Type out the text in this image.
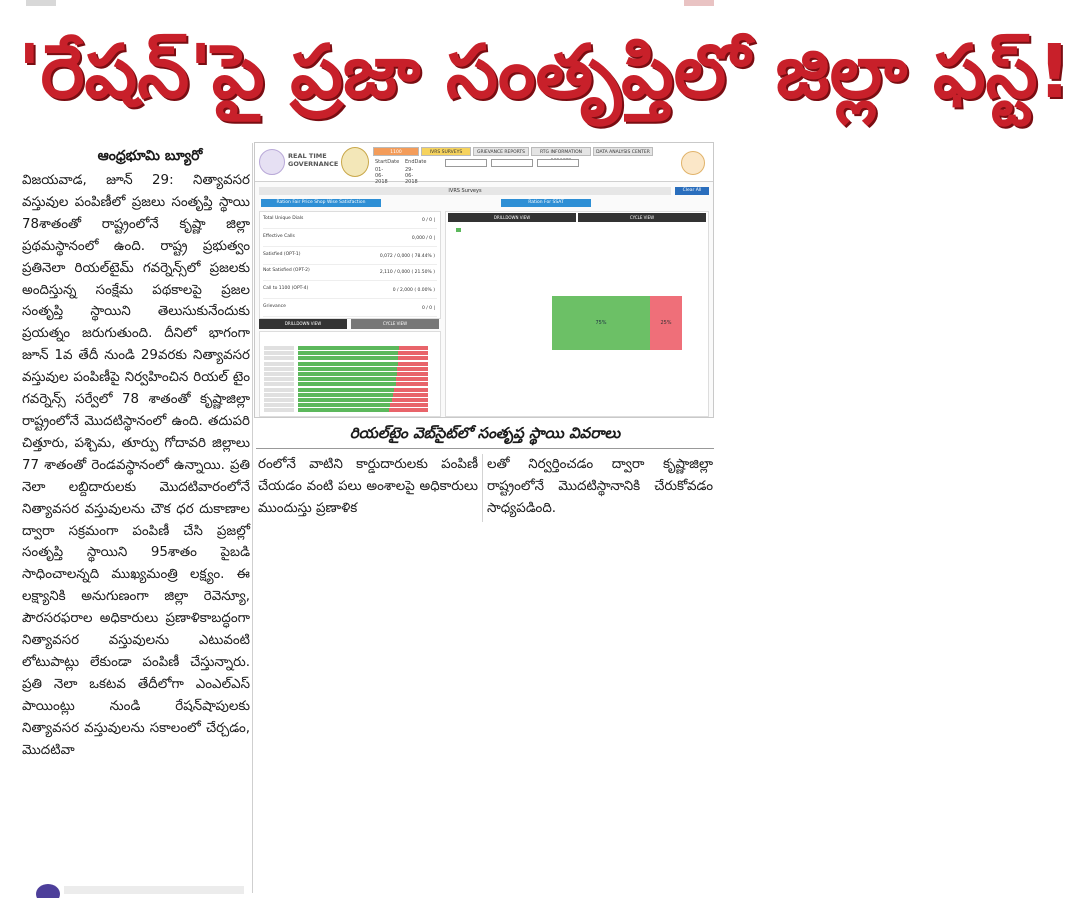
'రేషన్'పై ప్రజా సంతృప్తిలో జిల్లా ఫస్ట్!
ఆంధ్రభూమి బ్యూరో

విజయవాడ, జూన్ 29: నిత్యావసర వస్తువుల పంపిణీలో ప్రజలు సంతృప్తి స్థాయి 78శాతంతో రాష్ట్రంలోనే కృష్ణా జిల్లా ప్రథమస్థానంలో ఉంది. రాష్ట్ర ప్రభుత్వం ప్రతినెలా రియల్‌టైమ్ గవర్నెన్స్‌లో ప్రజలకు అందిస్తున్న సంక్షేమ పథకాలపై ప్రజల సంతృప్తి స్థాయిని తెలుసుకునేందుకు ప్రయత్నం జరుగుతుంది. దీనిలో భాగంగా జూన్ 1వ తేదీ నుండి 29వరకు నిత్యావసర వస్తువుల పంపిణీపై నిర్వహించిన రియల్ టైం గవర్నెన్స్ సర్వేలో 78 శాతంతో కృష్ణాజిల్లా రాష్ట్రంలోనే మొదటిస్థానంలో ఉంది. తదుపరి చిత్తూరు, పశ్చిమ, తూర్పు గోదావరి జిల్లాలు 77 శాతంతో రెండవస్థానంలో ఉన్నాయి. ప్రతి నెలా లబ్దిదారులకు మొదటివారంలోనే నిత్యావసర వస్తువులను చౌక ధర దుకాణాల ద్వారా సక్రమంగా పంపిణీ చేసి ప్రజల్లో సంతృప్తి స్థాయిని 95శాతం పైబడి సాధించాలన్నది ముఖ్యమంత్రి లక్ష్యం. ఈ లక్ష్యానికి అనుగుణంగా జిల్లా రెవెన్యూ, పౌరసరఫరాల అధికారులు ప్రణాళికాబద్ధంగా నిత్యావసర వస్తువులను ఎటువంటి లోటుపాట్లు లేకుండా పంపిణీ చేస్తున్నారు. ప్రతి నెలా ఒకటవ తేదీలోగా ఎంఎల్ఎస్ పాయింట్లు నుండి రేషన్‌షాపులకు నిత్యావసర వస్తువులను సకాలంలో చేర్చడం, మొదటివా

REAL TIME GOVERNANCE
1100	IVRS SURVEYS	GRIEVANCE REPORTS	RTG INFORMATION	DATA ANALYSIS CENTER
StartDate
01-06-2018
EndDate
29-06-2018
IVRS Surveys	Clear All
Ration Fair Price Shop Wise Satisfaction	Ration For SSAT
Total Unique Dials	0 / 0 |
Effective Calls	0,000 / 0 |
Satisfied (OPT-1)	0,072 / 0,000 ( 78.44% )
Not Satisfied (OPT-2)	2,110 / 0,000 ( 21.50% )
Call to 1100 (OPT-4)	0 / 2,000 ( 0.00% )
Grievance	0 / 0 |
DRILLDOWN VIEW	CYCLE VIEW
DRILLDOWN VIEW	CYCLE VIEW
75%	25%
రియల్‌టైం వెబ్‌సైట్‌లో సంతృప్త స్థాయి వివరాలు

రంలోనే వాటిని కార్డుదారులకు పంపిణీ చేయడం వంటి పలు అంశాలపై అధికారులు ముందుస్తు ప్రణాళిక

లతో నిర్వర్తించడం ద్వారా కృష్ణాజిల్లా రాష్ట్రంలోనే మొదటిస్థానానికి చేరుకోవడం సాధ్యపడింది.
